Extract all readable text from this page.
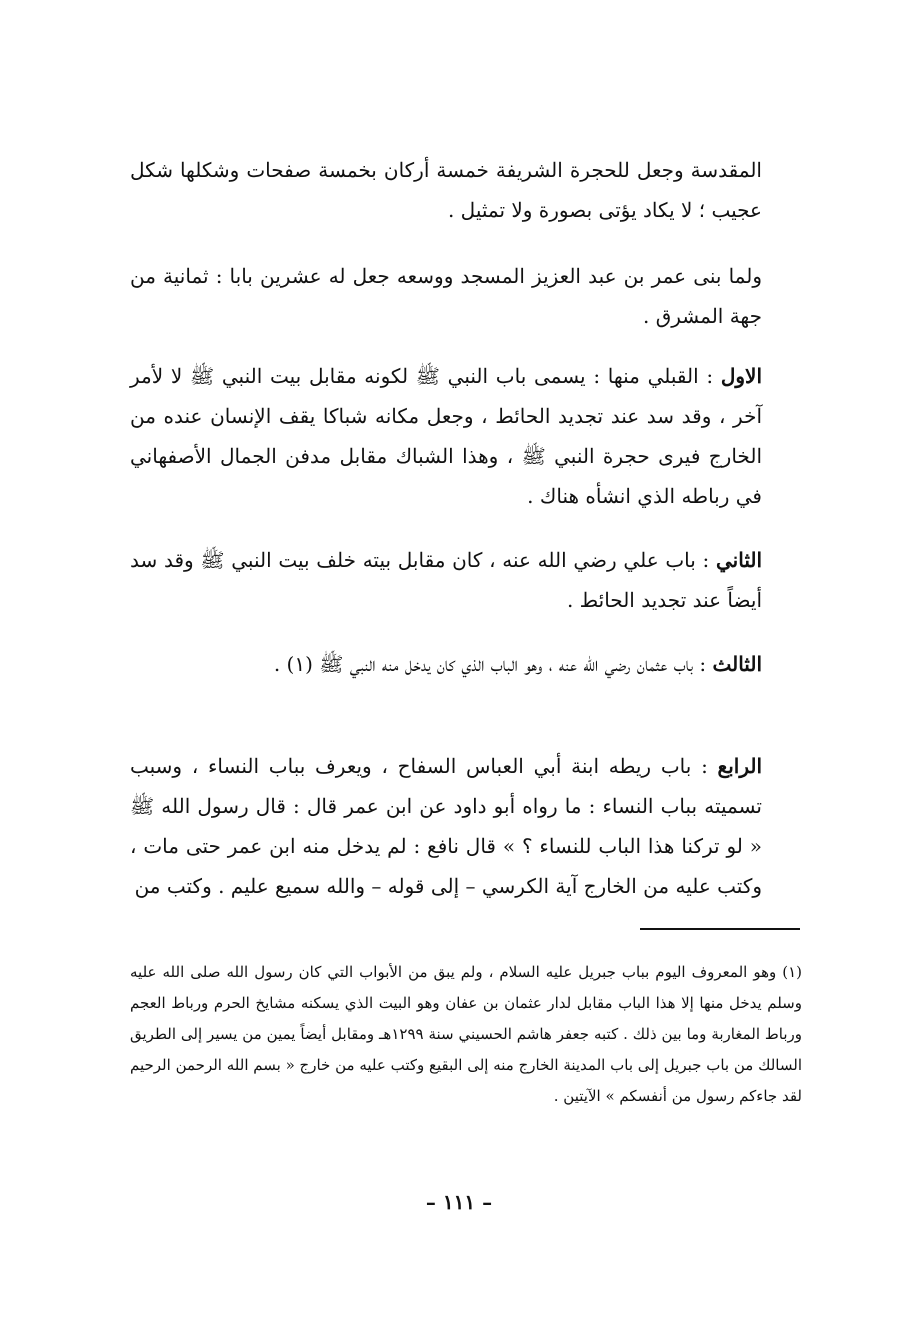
المقدسة وجعل للحجرة الشريفة خمسة أركان بخمسة صفحات وشكلها شكل عجيب ؛ لا يكاد يؤتى بصورة ولا تمثيل .

ولما بنى عمر بن عبد العزيز المسجد ووسعه جعل له عشرين بابا : ثمانية من جهة المشرق .

الاول : القبلي منها : يسمى باب النبي ﷺ لكونه مقابل بيت النبي ﷺ لا لأمر آخر ، وقد سد عند تجديد الحائط ، وجعل مكانه شباكا يقف الإنسان عنده من الخارج فيرى حجرة النبي ﷺ ، وهذا الشباك مقابل مدفن الجمال الأصفهاني في رباطه الذي انشأه هناك .

الثاني : باب علي رضي الله عنه ، كان مقابل بيته خلف بيت النبي ﷺ وقد سد أيضاً عند تجديد الحائط .

الثالث : باب عثمان رضي الله عنه ، وهو الباب الذي كان يدخل منه النبي ﷺ (١) .

الرابع : باب ريطه ابنة أبي العباس السفاح ، ويعرف بباب النساء ، وسبب تسميته بباب النساء : ما رواه أبو داود عن ابن عمر قال : قال رسول الله ﷺ « لو تركنا هذا الباب للنساء ؟ » قال نافع : لم يدخل منه ابن عمر حتى مات ، وكتب عليه من الخارج آية الكرسي – إلى قوله – والله سميع عليم . وكتب من

(١) وهو المعروف اليوم بباب جبريل عليه السلام ، ولم يبق من الأبواب التي كان رسول الله صلى الله عليه وسلم يدخل منها إلا هذا الباب مقابل لدار عثمان بن عفان وهو البيت الذي يسكنه مشايخ الحرم ورباط العجم ورباط المغاربة وما بين ذلك . كتبه جعفر هاشم الحسيني سنة ١٢٩٩هـ ومقابل أيضاً يمين من يسير إلى الطريق السالك من باب جبريل إلى باب المدينة الخارج منه إلى البقيع وكتب عليه من خارج « بسم الله الرحمن الرحيم لقد جاءكم رسول من أنفسكم » الآيتين .

– ١١١ –
